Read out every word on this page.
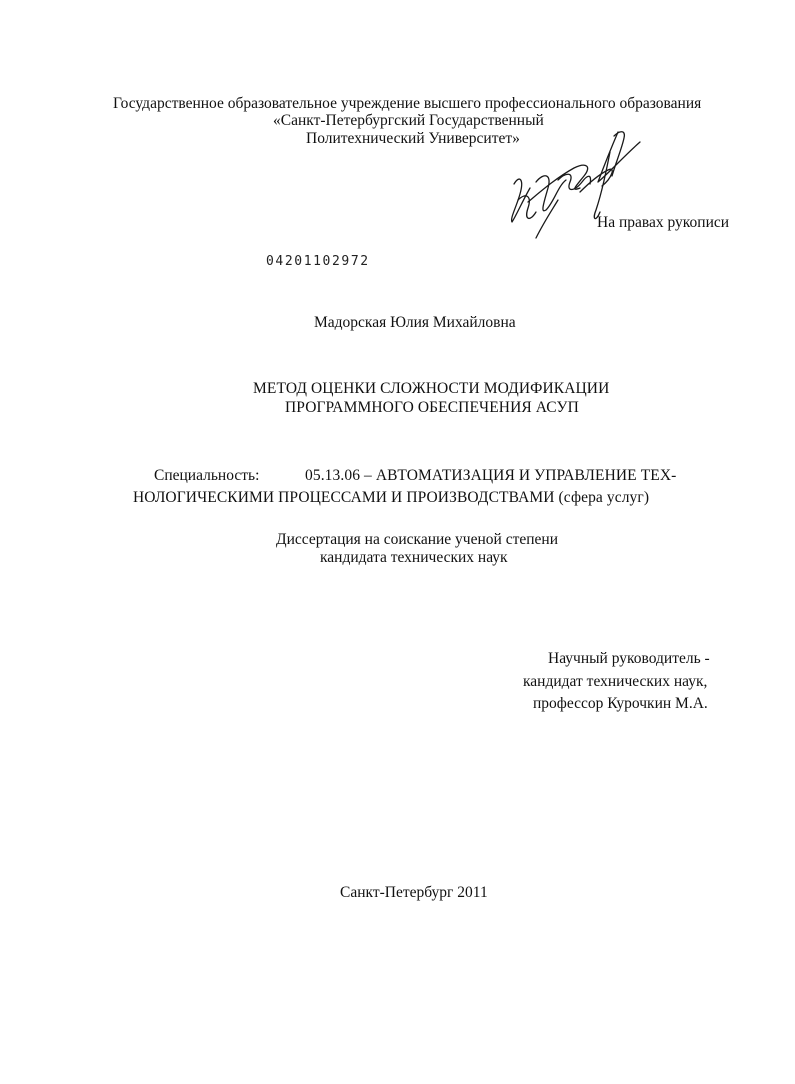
Государственное образовательное учреждение высшего профессионального образования
«Санкт-Петербургский Государственный
Политехнический Университет»
На правах рукописи
04201102972
Мадорская Юлия Михайловна
МЕТОД ОЦЕНКИ СЛОЖНОСТИ МОДИФИКАЦИИ
ПРОГРАММНОГО ОБЕСПЕЧЕНИЯ АСУП
Специальность:	05.13.06 – АВТОМАТИЗАЦИЯ И УПРАВЛЕНИЕ ТЕХ-
НОЛОГИЧЕСКИМИ ПРОЦЕССАМИ И ПРОИЗВОДСТВАМИ (сфера услуг)
Диссертация на соискание ученой степени
кандидата технических наук
Научный руководитель -
кандидат технических наук,
профессор Курочкин М.А.
Санкт-Петербург 2011
